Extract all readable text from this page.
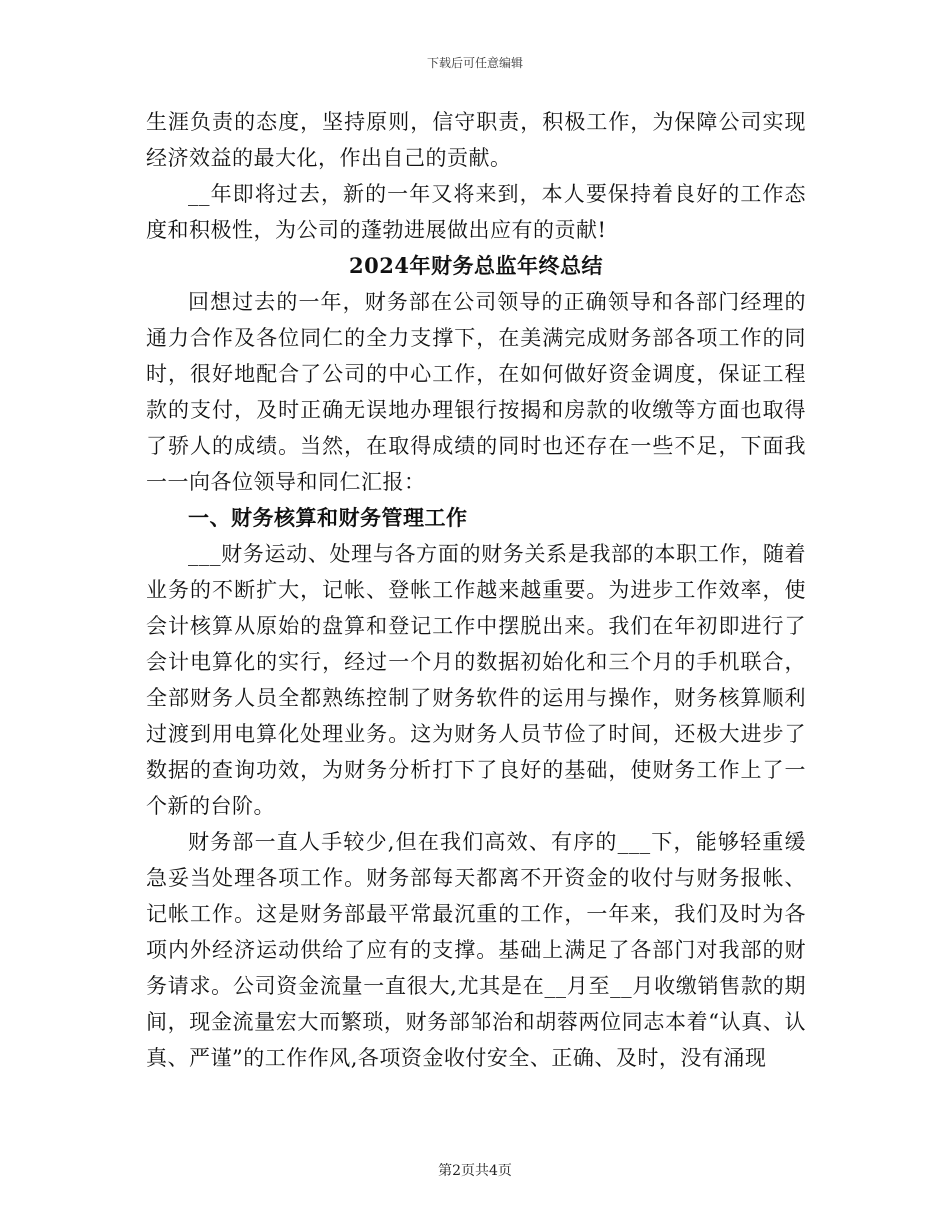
下载后可任意编辑

生涯负责的态度，坚持原则，信守职责，积极工作，为保障公司实现经济效益的最大化，作出自己的贡献。

__年即将过去，新的一年又将来到，本人要保持着良好的工作态度和积极性，为公司的蓬勃进展做出应有的贡献!

2024年财务总监年终总结

回想过去的一年，财务部在公司领导的正确领导和各部门经理的通力合作及各位同仁的全力支撑下，在美满完成财务部各项工作的同时，很好地配合了公司的中心工作，在如何做好资金调度，保证工程款的支付，及时正确无误地办理银行按揭和房款的收缴等方面也取得了骄人的成绩。当然，在取得成绩的同时也还存在一些不足，下面我一一向各位领导和同仁汇报：

一、财务核算和财务管理工作

___财务运动、处理与各方面的财务关系是我部的本职工作，随着业务的不断扩大，记帐、登帐工作越来越重要。为进步工作效率，使会计核算从原始的盘算和登记工作中摆脱出来。我们在年初即进行了会计电算化的实行，经过一个月的数据初始化和三个月的手机联合，全部财务人员全都熟练控制了财务软件的运用与操作，财务核算顺利过渡到用电算化处理业务。这为财务人员节俭了时间，还极大进步了数据的查询功效，为财务分析打下了良好的基础，使财务工作上了一个新的台阶。

财务部一直人手较少,但在我们高效、有序的___下，能够轻重缓急妥当处理各项工作。财务部每天都离不开资金的收付与财务报帐、记帐工作。这是财务部最平常最沉重的工作，一年来，我们及时为各项内外经济运动供给了应有的支撑。基础上满足了各部门对我部的财务请求。公司资金流量一直很大,尤其是在__月至__月收缴销售款的期间，现金流量宏大而繁琐，财务部邹治和胡蓉两位同志本着“认真、认真、严谨”的工作作风,各项资金收付安全、正确、及时，没有涌现

第2页共4页
